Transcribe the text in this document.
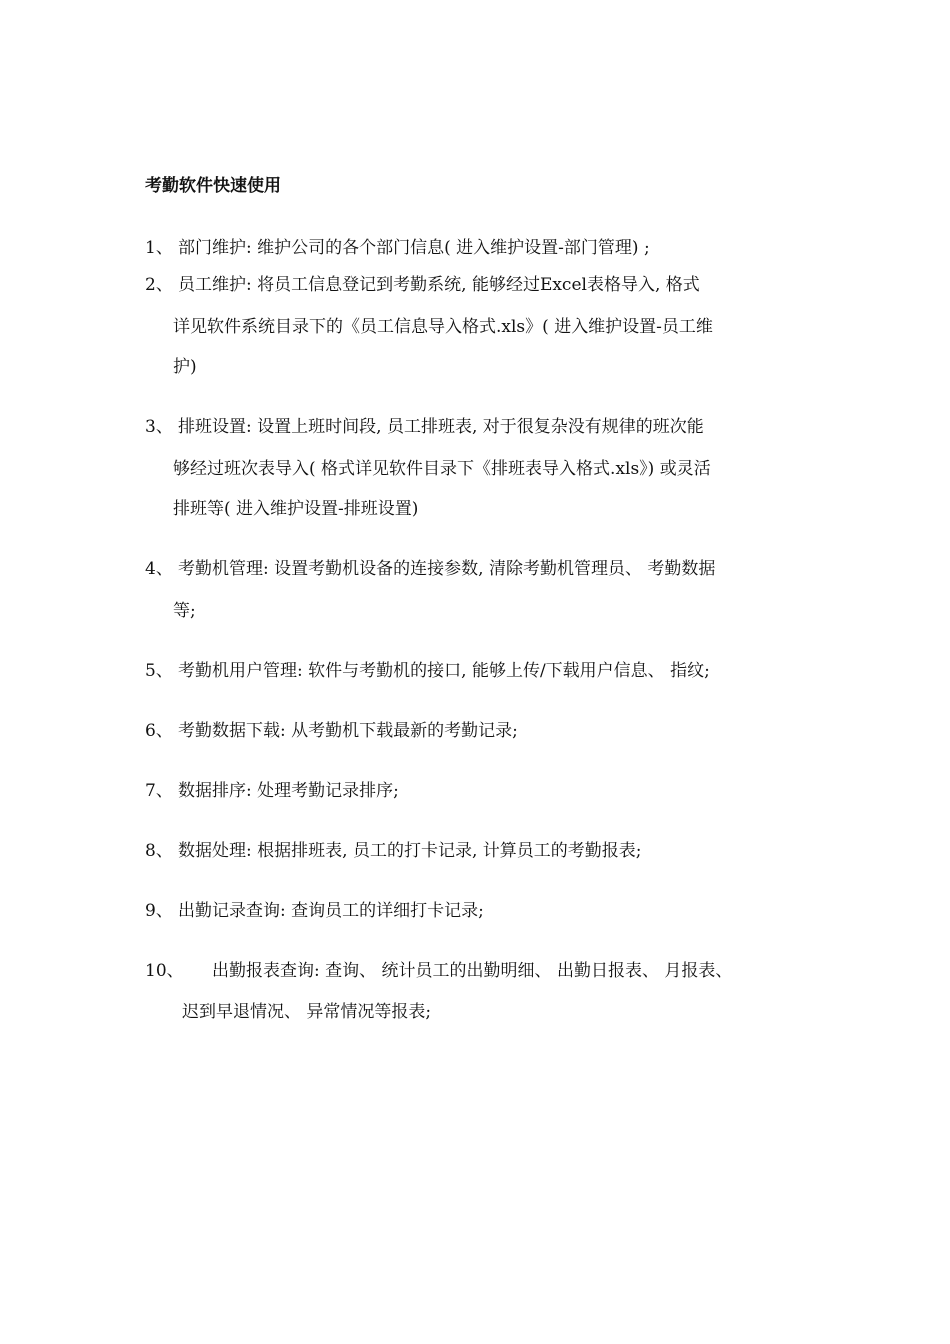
考勤软件快速使用
1、 部门维护: 维护公司的各个部门信息( 进入维护设置-部门管理) ;
2、 员工维护: 将员工信息登记到考勤系统, 能够经过Excel表格导入, 格式
详见软件系统目录下的《员工信息导入格式.xls》( 进入维护设置-员工维
护)
3、 排班设置: 设置上班时间段, 员工排班表, 对于很复杂没有规律的班次能
够经过班次表导入( 格式详见软件目录下《排班表导入格式.xls》) 或灵活
排班等( 进入维护设置-排班设置)
4、 考勤机管理: 设置考勤机设备的连接参数, 清除考勤机管理员、 考勤数据
等;
5、 考勤机用户管理: 软件与考勤机的接口, 能够上传/下载用户信息、 指纹;
6、 考勤数据下载: 从考勤机下载最新的考勤记录;
7、 数据排序: 处理考勤记录排序;
8、 数据处理: 根据排班表, 员工的打卡记录, 计算员工的考勤报表;
9、 出勤记录查询: 查询员工的详细打卡记录;
10、 出勤报表查询: 查询、 统计员工的出勤明细、 出勤日报表、 月报表、
迟到早退情况、 异常情况等报表;
